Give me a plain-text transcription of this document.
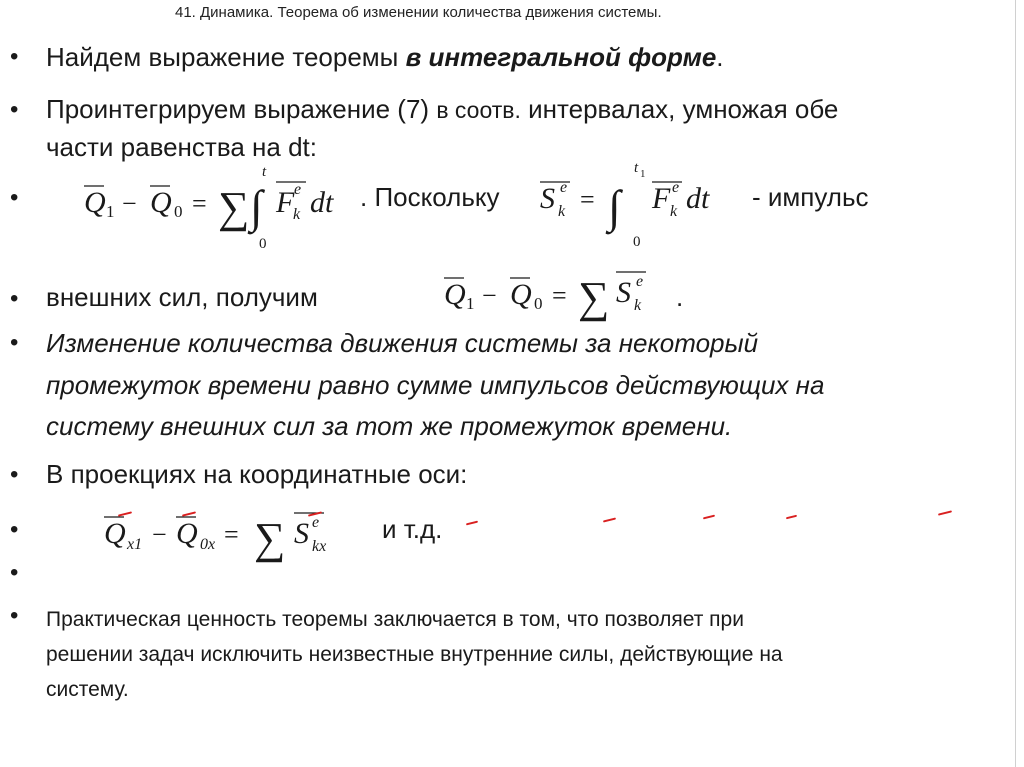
41. Динамика. Теорема об изменении количества движения системы.
•
•
•
•
•
•
•
•
•
Найдем выражение теоремы в интегральной форме.
Проинтегрируем выражение (7) в соотв. интервалах, умножая обе
части равенства на dt:
Q 1 − Q 0 = ∑ ∫
t
0
F e
k dt . Поскольку S e
k = ∫
t 1
0
F e
k dt - импульс
внешних сил, получим	Q 1 − Q 0 = ∑ S e
k .
Изменение количества движения системы за некоторый
промежуток времени равно сумме импульсов действующих на
систему внешних сил за тот же промежуток времени.
В проекциях на координатные оси:
Q x1 − Q 0x = ∑ S e
kx
и т.д.
Практическая ценность теоремы заключается в том, что позволяет при
решении задач исключить неизвестные внутренние силы, действующие на
систему.
